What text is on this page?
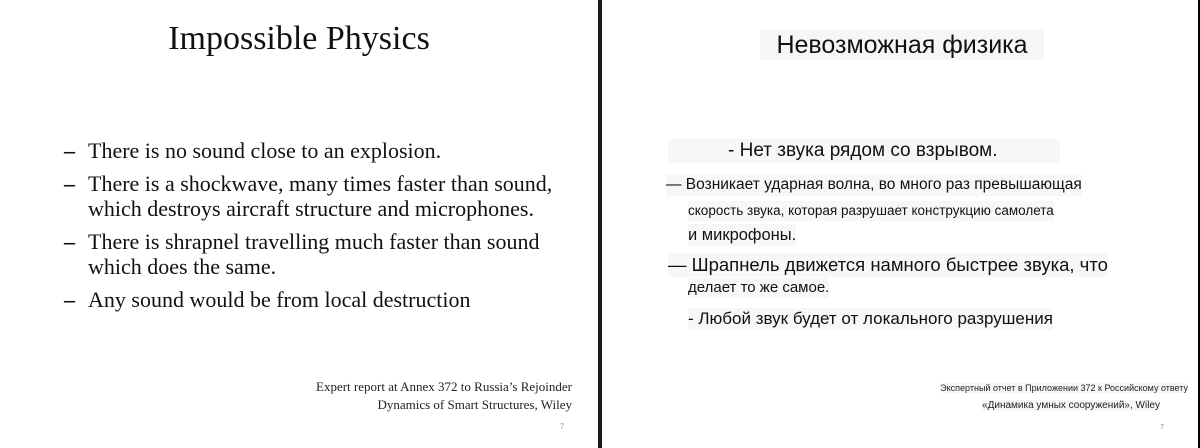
Impossible Physics
– There is no sound close to an explosion.
– There is a shockwave, many times faster than sound, which destroys aircraft structure and microphones.
– There is shrapnel travelling much faster than sound which does the same.
– Any sound would be from local destruction
Expert report at Annex 372 to Russia’s Rejoinder
Dynamics of Smart Structures, Wiley
7
Невозможная физика
- Нет звука рядом со взрывом.
— Возникает ударная волна, во много раз превышающая
скорость звука, которая разрушает конструкцию самолета
и микрофоны.
— Шрапнель движется намного быстрее звука, что
делает то же самое.
- Любой звук будет от локального разрушения
Экспертный отчет в Приложении 372 к Российскому ответу
«Динамика умных сооружений», Wiley
7
